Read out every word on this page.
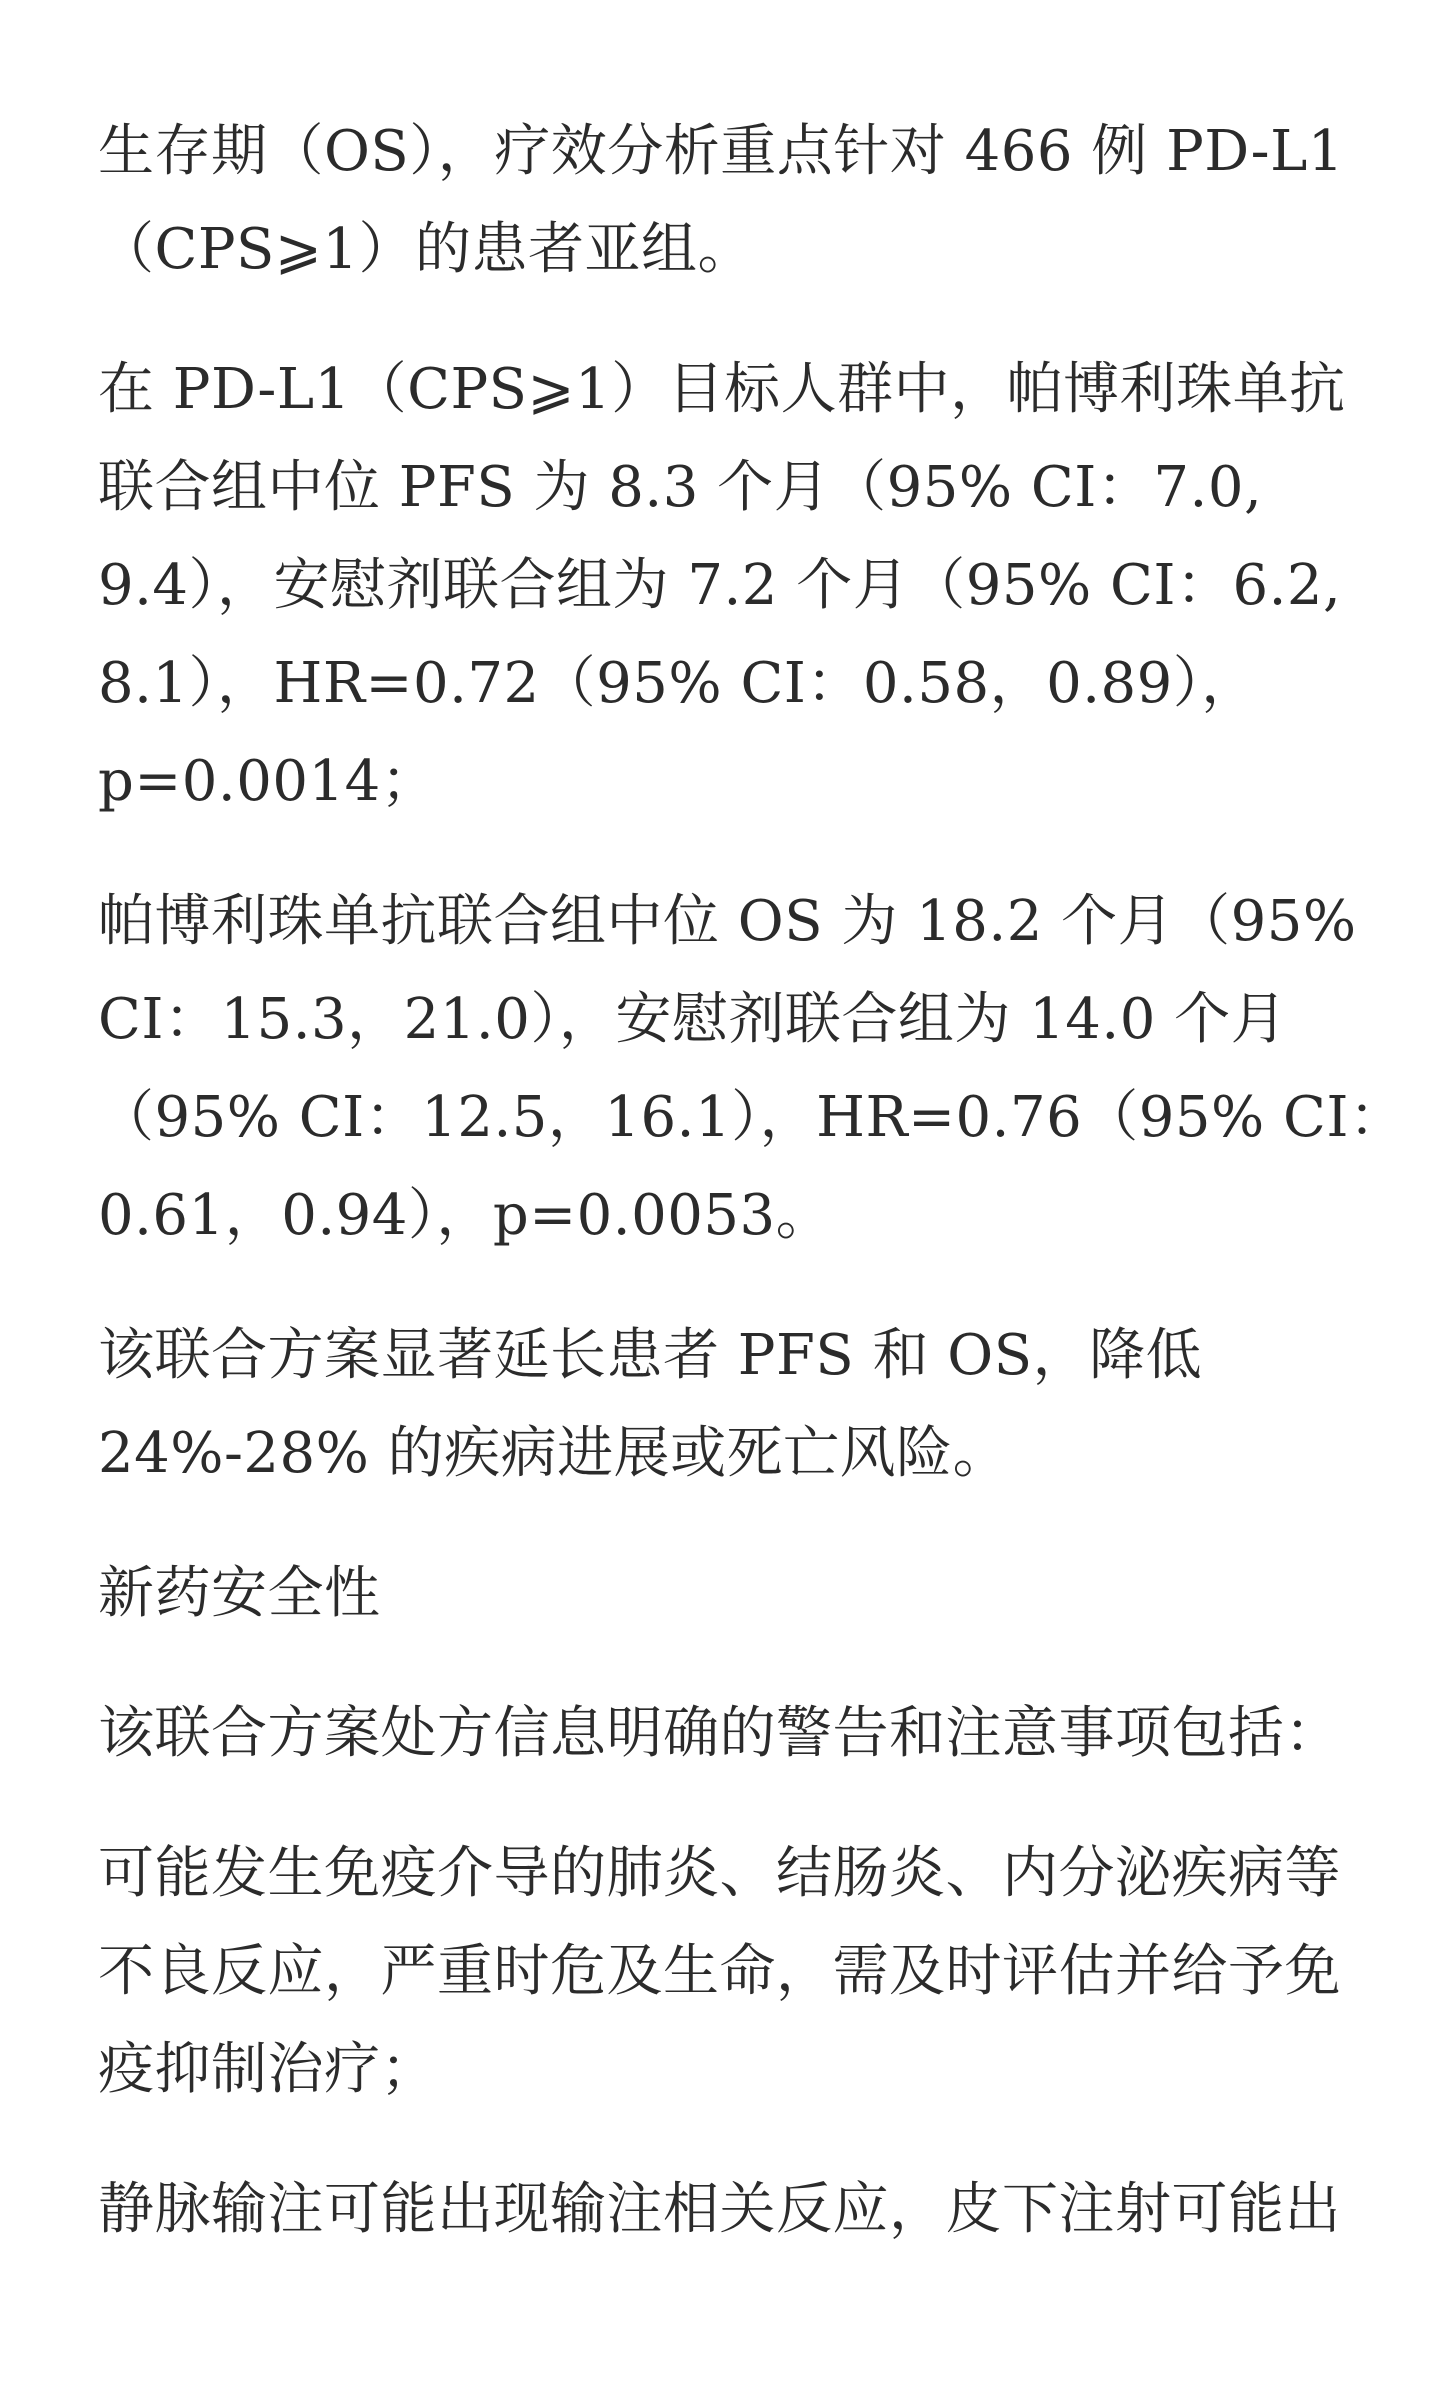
生存期（OS），疗效分析重点针对 466 例 PD-L1
（CPS⩾1）的患者亚组。

在 PD-L1（CPS⩾1）目标人群中，帕博利珠单抗
联合组中位 PFS 为 8.3 个月（95% CI：7.0,
9.4），安慰剂联合组为 7.2 个月（95% CI：6.2,
8.1），HR=0.72（95% CI：0.58，0.89），
p=0.0014；

帕博利珠单抗联合组中位 OS 为 18.2 个月（95%
CI：15.3，21.0），安慰剂联合组为 14.0 个月
（95% CI：12.5，16.1），HR=0.76（95% CI：
0.61，0.94），p=0.0053。

该联合方案显著延长患者 PFS 和 OS，降低
24%-28% 的疾病进展或死亡风险。

新药安全性

该联合方案处方信息明确的警告和注意事项包括：

可能发生免疫介导的肺炎、结肠炎、内分泌疾病等
不良反应，严重时危及生命，需及时评估并给予免
疫抑制治疗；

静脉输注可能出现输注相关反应，皮下注射可能出
